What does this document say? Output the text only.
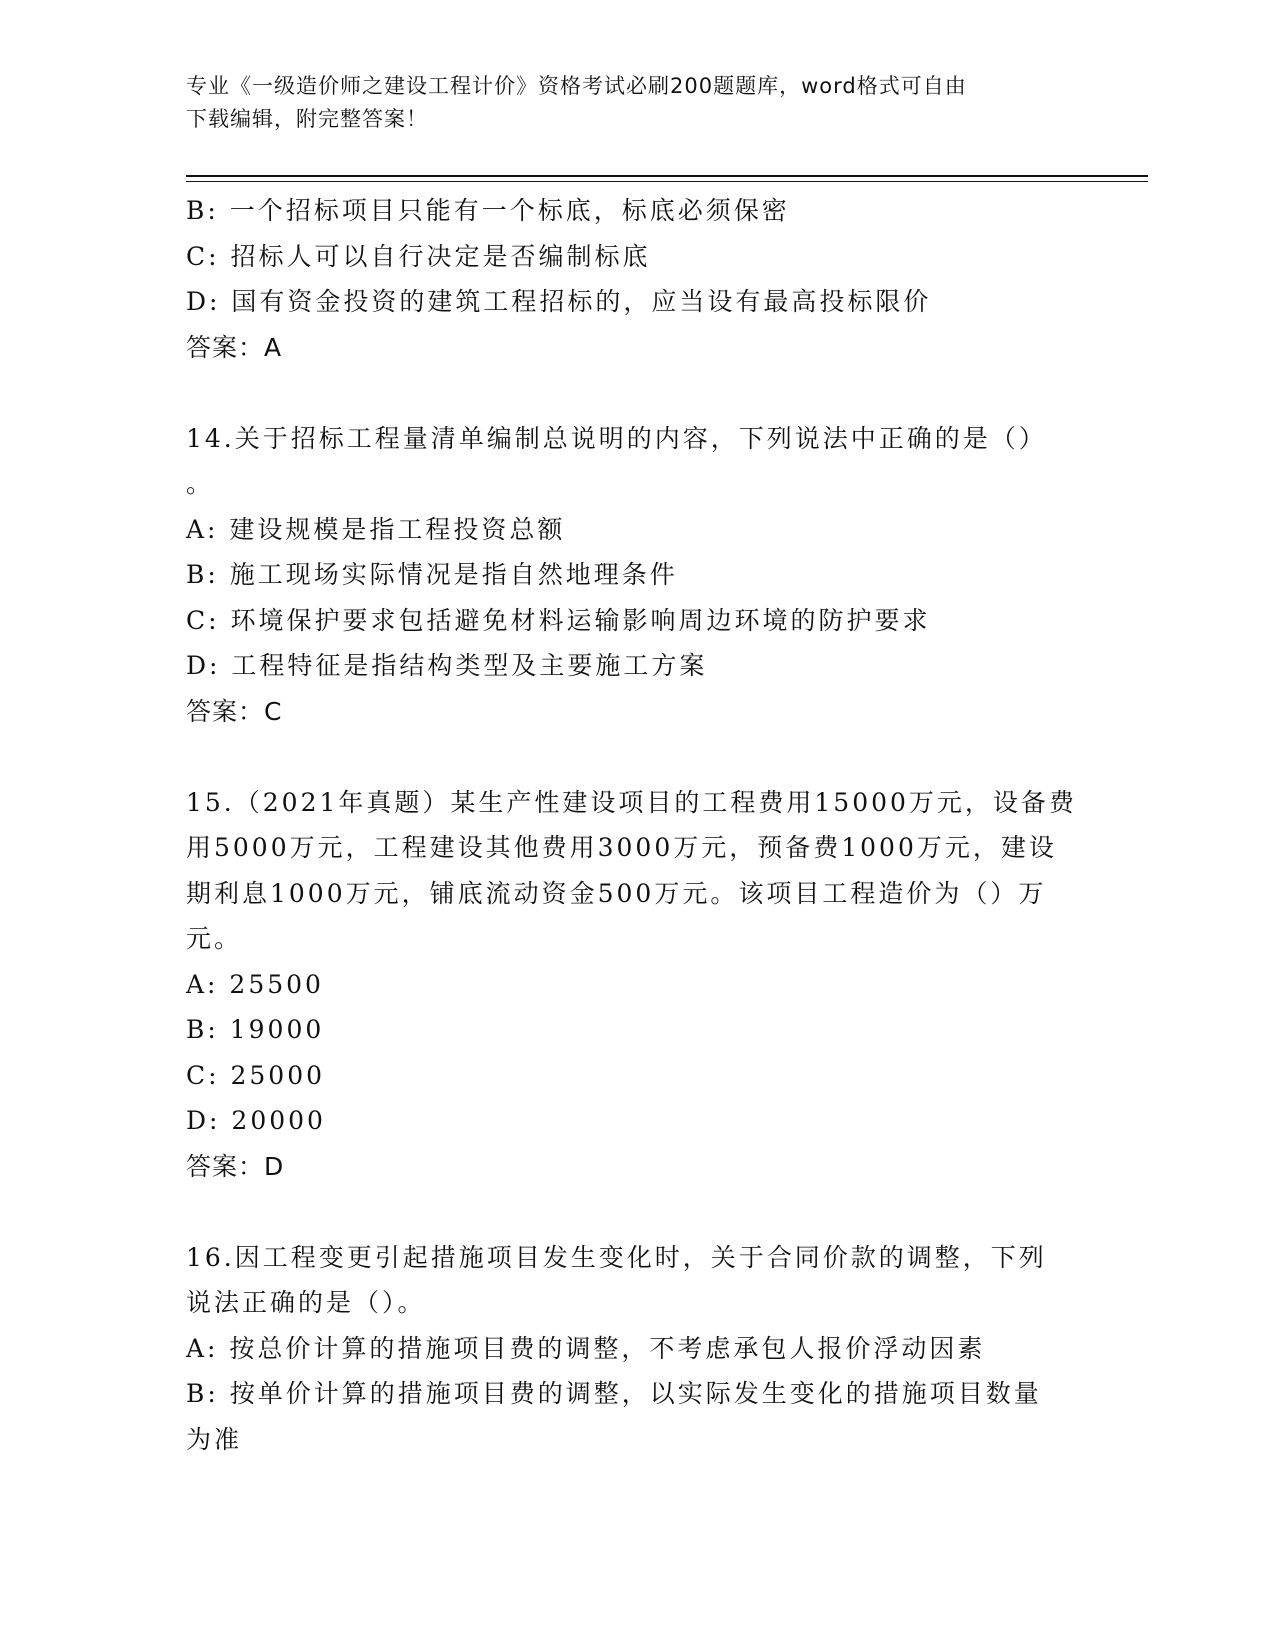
专业《一级造价师之建设工程计价》资格考试必刷200题题库，word格式可自由
下载编辑，附完整答案！
B: 一个招标项目只能有一个标底，标底必须保密
C: 招标人可以自行决定是否编制标底
D: 国有资金投资的建筑工程招标的，应当设有最高投标限价
答案：A
14.关于招标工程量清单编制总说明的内容，下列说法中正确的是（）
。
A: 建设规模是指工程投资总额
B: 施工现场实际情况是指自然地理条件
C: 环境保护要求包括避免材料运输影响周边环境的防护要求
D: 工程特征是指结构类型及主要施工方案
答案：C
15.（2021年真题）某生产性建设项目的工程费用15000万元，设备费
用5000万元，工程建设其他费用3000万元，预备费1000万元，建设
期利息1000万元，铺底流动资金500万元。该项目工程造价为（）万
元。
A: 25500
B: 19000
C: 25000
D: 20000
答案：D
16.因工程变更引起措施项目发生变化时，关于合同价款的调整，下列
说法正确的是（）。
A: 按总价计算的措施项目费的调整，不考虑承包人报价浮动因素
B: 按单价计算的措施项目费的调整，以实际发生变化的措施项目数量
为准
